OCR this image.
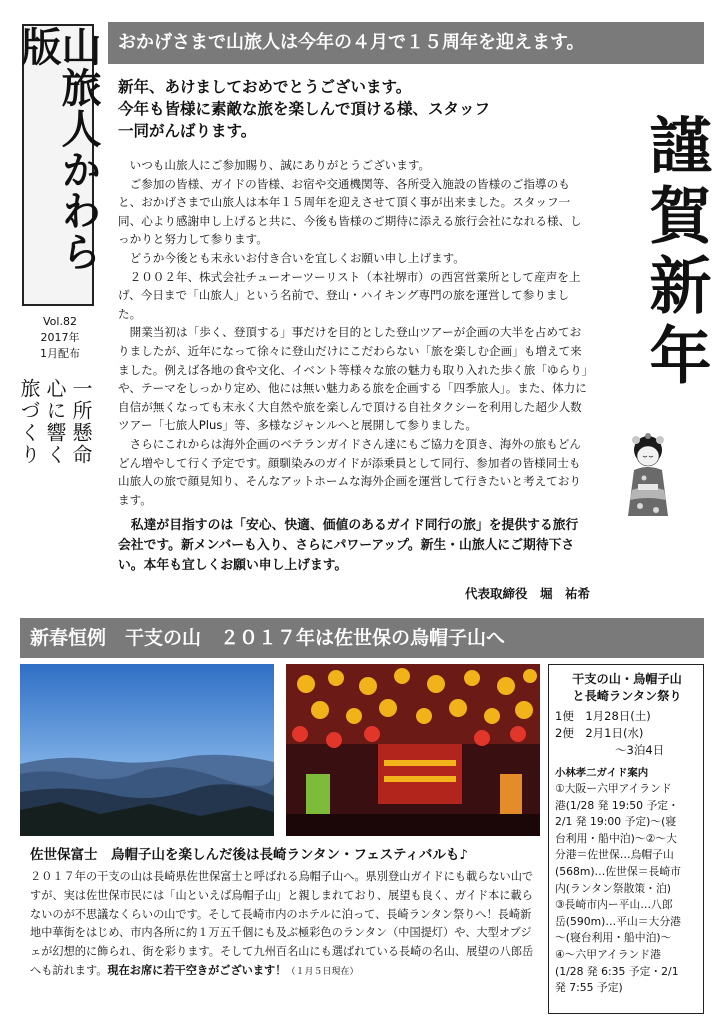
山旅人かわら版
Vol.82
2017年
1月配布
一所懸命
心に響く
旅づくり
おかげさまで山旅人は今年の４月で１５周年を迎えます。
新年、あけましておめでとうございます。
今年も皆様に素敵な旅を楽しんで頂ける様、スタッフ
一同がんばります。	謹賀新年

いつも山旅人にご参加賜り、誠にありがとうございます。

ご参加の皆様、ガイドの皆様、お宿や交通機関等、各所受入施設の皆様のご指導のもと、おかげさまで山旅人は本年１５周年を迎えさせて頂く事が出来ました。スタッフ一同、心より感謝申し上げると共に、今後も皆様のご期待に添える旅行会社になれる様、しっかりと努力して参ります。

どうか今後とも末永いお付き合いを宜しくお願い申し上げます。

２００２年、株式会社チューオーツーリスト（本社堺市）の西宮営業所として産声を上げ、今日まで「山旅人」という名前で、登山・ハイキング専門の旅を運営して参りました。

開業当初は「歩く、登頂する」事だけを目的とした登山ツアーが企画の大半を占めておりましたが、近年になって徐々に登山だけにこだわらない「旅を楽しむ企画」も増えて来ました。例えば各地の食や文化、イベント等様々な旅の魅力も取り入れた歩く旅「ゆらり」や、テーマをしっかり定め、他には無い魅力ある旅を企画する「四季旅人」。また、体力に自信が無くなっても末永く大自然や旅を楽しんで頂ける自社タクシーを利用した超少人数ツアー「七旅人Plus」等、多様なジャンルへと展開して参りました。

さらにこれからは海外企画のベテランガイドさん達にもご協力を頂き、海外の旅もどんどん増やして行く予定です。顔馴染みのガイドが添乗員として同行、参加者の皆様同士も山旅人の旅で顔見知り、そんなアットホームな海外企画を運営して行きたいと考えております。

私達が目指すのは「安心、快適、価値のあるガイド同行の旅」を提供する旅行会社です。新メンバーも入り、さらにパワーアップ。新生・山旅人にご期待下さい。本年も宜しくお願い申し上げます。

代表取締役　堀　祐希
新春恒例　干支の山　２０１７年は佐世保の烏帽子山へ
干支の山・烏帽子山
と長崎ランタン祭り
1便　1月28日(土)
2便　2月1日(水)
～3泊4日
小林孝二ガイド案内
①大阪ー六甲アイランド
港(1/28 発 19:50 予定・
2/1 発 19:00 予定)～(寝
台利用・船中泊)～②～大
分港＝佐世保…烏帽子山
(568m)…佐世保＝長崎市
内(ランタン祭散策・泊)
③長崎市内ー平山…八郎
岳(590m)…平山＝大分港
～(寝台利用・船中泊)～
④～六甲アイランド港
(1/28 発 6:35 予定・2/1
発 7:55 予定)
佐世保富士　烏帽子山を楽しんだ後は長崎ランタン・フェスティバルも♪
２０１７年の干支の山は長崎県佐世保富士と呼ばれる烏帽子山へ。県別登山ガイドにも載らない山ですが、実は佐世保市民には「山といえば烏帽子山」と親しまれており、展望も良く、ガイド本に載らないのが不思議なくらいの山です。そして長崎市内のホテルに泊って、長崎ランタン祭りへ！長崎新地中華街をはじめ、市内各所に約１万五千個にも及ぶ極彩色のランタン（中国提灯）や、大型オブジェが幻想的に飾られ、街を彩ります。そして九州百名山にも選ばれている長崎の名山、展望の八郎岳へも訪れます。現在お席に若干空きがございます！（１月５日現在）
